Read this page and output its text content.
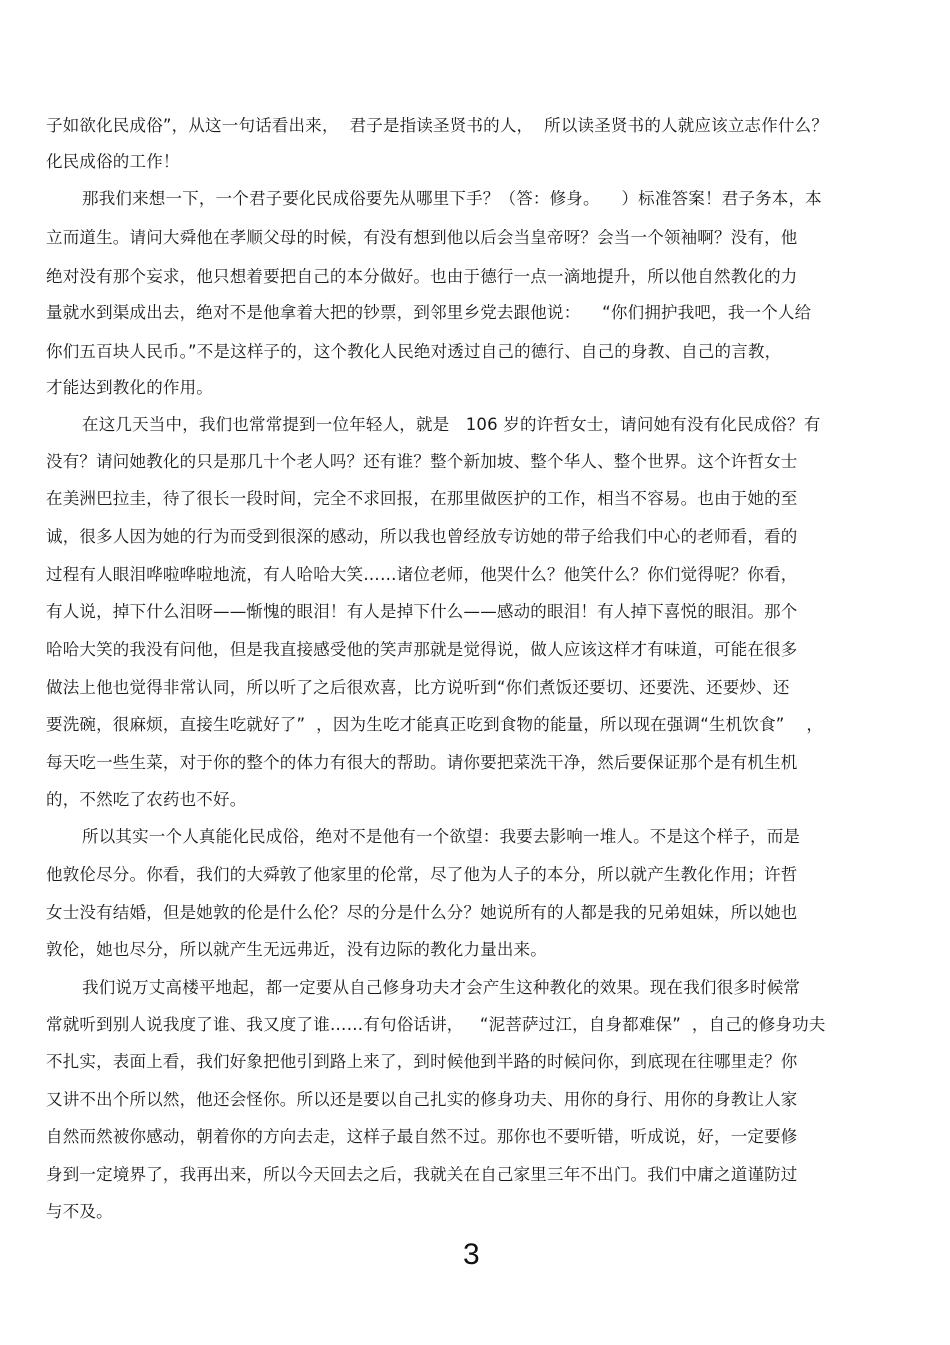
子如欲化民成俗”，从这一句话看出来，  君子是指读圣贤书的人，  所以读圣贤书的人就应该立志作什么？
化民成俗的工作！
那我们来想一下，一个君子要化民成俗要先从哪里下手？（答：修身。    ）标准答案！君子务本，本
立而道生。请问大舜他在孝顺父母的时候，有没有想到他以后会当皇帝呀？会当一个领袖啊？没有，他
绝对没有那个妄求，他只想着要把自己的本分做好。也由于德行一点一滴地提升，所以他自然教化的力
量就水到渠成出去，绝对不是他拿着大把的钞票，到邻里乡党去跟他说：    “你们拥护我吧，我一个人给
你们五百块人民币。”不是这样子的，这个教化人民绝对透过自己的德行、自己的身教、自己的言教，
才能达到教化的作用。
在这几天当中，我们也常常提到一位年轻人，就是   106 岁的许哲女士，请问她有没有化民成俗？有
没有？请问她教化的只是那几十个老人吗？还有谁？整个新加坡、整个华人、整个世界。这个许哲女士
在美洲巴拉圭，待了很长一段时间，完全不求回报，在那里做医护的工作，相当不容易。也由于她的至
诚，很多人因为她的行为而受到很深的感动，所以我也曾经放专访她的带子给我们中心的老师看，看的
过程有人眼泪哗啦哗啦地流，有人哈哈大笑……诸位老师，他哭什么？他笑什么？你们觉得呢？你看，
有人说，掉下什么泪呀——惭愧的眼泪！有人是掉下什么——感动的眼泪！有人掉下喜悦的眼泪。那个
哈哈大笑的我没有问他，但是我直接感受他的笑声那就是觉得说，做人应该这样才有味道，可能在很多
做法上他也觉得非常认同，所以听了之后很欢喜，比方说听到“你们煮饭还要切、还要洗、还要炒、还
要洗碗，很麻烦，直接生吃就好了”  ，因为生吃才能真正吃到食物的能量，所以现在强调“生机饮食”    ，
每天吃一些生菜，对于你的整个的体力有很大的帮助。请你要把菜洗干净，然后要保证那个是有机生机
的，不然吃了农药也不好。
所以其实一个人真能化民成俗，绝对不是他有一个欲望：我要去影响一堆人。不是这个样子，而是
他敦伦尽分。你看，我们的大舜敦了他家里的伦常，尽了他为人子的本分，所以就产生教化作用；许哲
女士没有结婚，但是她敦的伦是什么伦？尽的分是什么分？她说所有的人都是我的兄弟姐妹，所以她也
敦伦，她也尽分，所以就产生无远弗近，没有边际的教化力量出来。
我们说万丈高楼平地起，都一定要从自己修身功夫才会产生这种教化的效果。现在我们很多时候常
常就听到别人说我度了谁、我又度了谁……有句俗话讲，   “泥菩萨过江，自身都难保”  ，自己的修身功夫
不扎实，表面上看，我们好象把他引到路上来了，到时候他到半路的时候问你，到底现在往哪里走？你
又讲不出个所以然，他还会怪你。所以还是要以自己扎实的修身功夫、用你的身行、用你的身教让人家
自然而然被你感动，朝着你的方向去走，这样子最自然不过。那你也不要听错，听成说，好，一定要修
身到一定境界了，我再出来，所以今天回去之后，我就关在自己家里三年不出门。我们中庸之道谨防过
与不及。
3
